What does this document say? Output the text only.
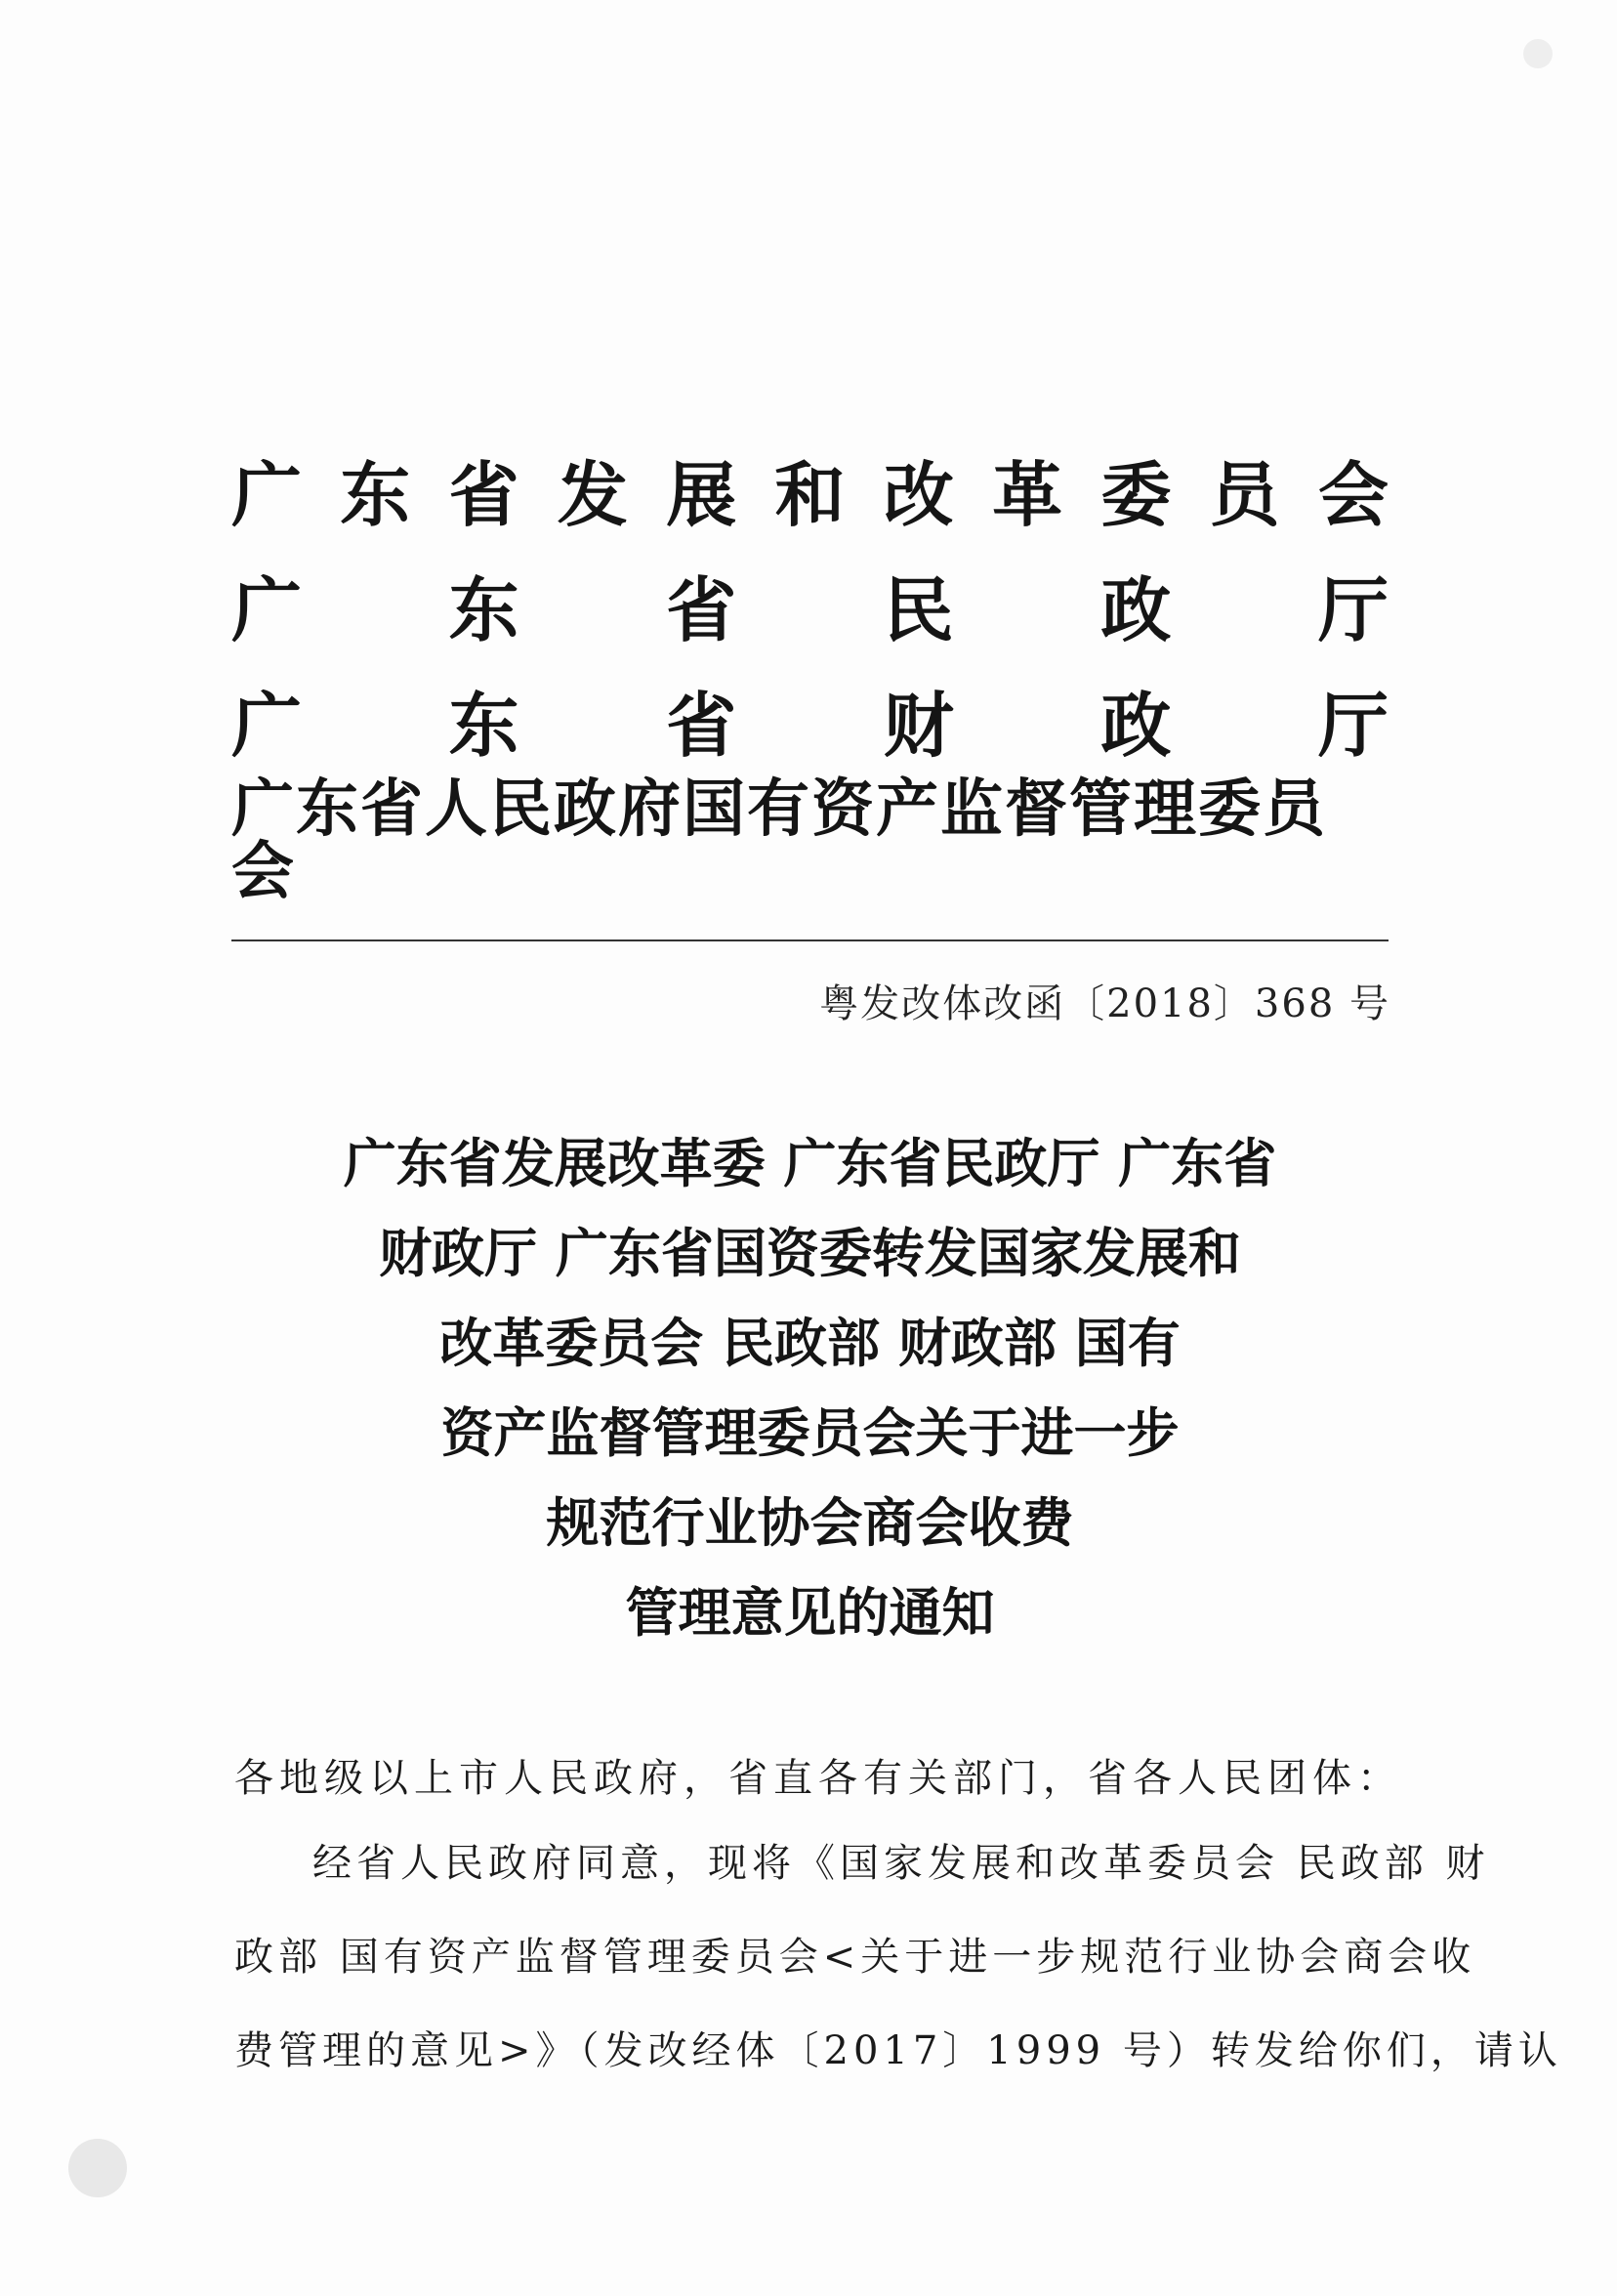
广 东 省 发 展 和 改 革 委 员 会
广 东 省 民 政 厅
广 东 省 财 政 厅
广东省人民政府国有资产监督管理委员会
粤发改体改函〔2018〕368 号
广东省发展改革委 广东省民政厅 广东省
财政厅 广东省国资委转发国家发展和
改革委员会 民政部 财政部 国有
资产监督管理委员会关于进一步
规范行业协会商会收费
管理意见的通知
各地级以上市人民政府，省直各有关部门，省各人民团体：
经省人民政府同意，现将《国家发展和改革委员会 民政部 财
政部 国有资产监督管理委员会<关于进一步规范行业协会商会收
费管理的意见>》（发改经体〔2017〕1999 号）转发给你们，请认
